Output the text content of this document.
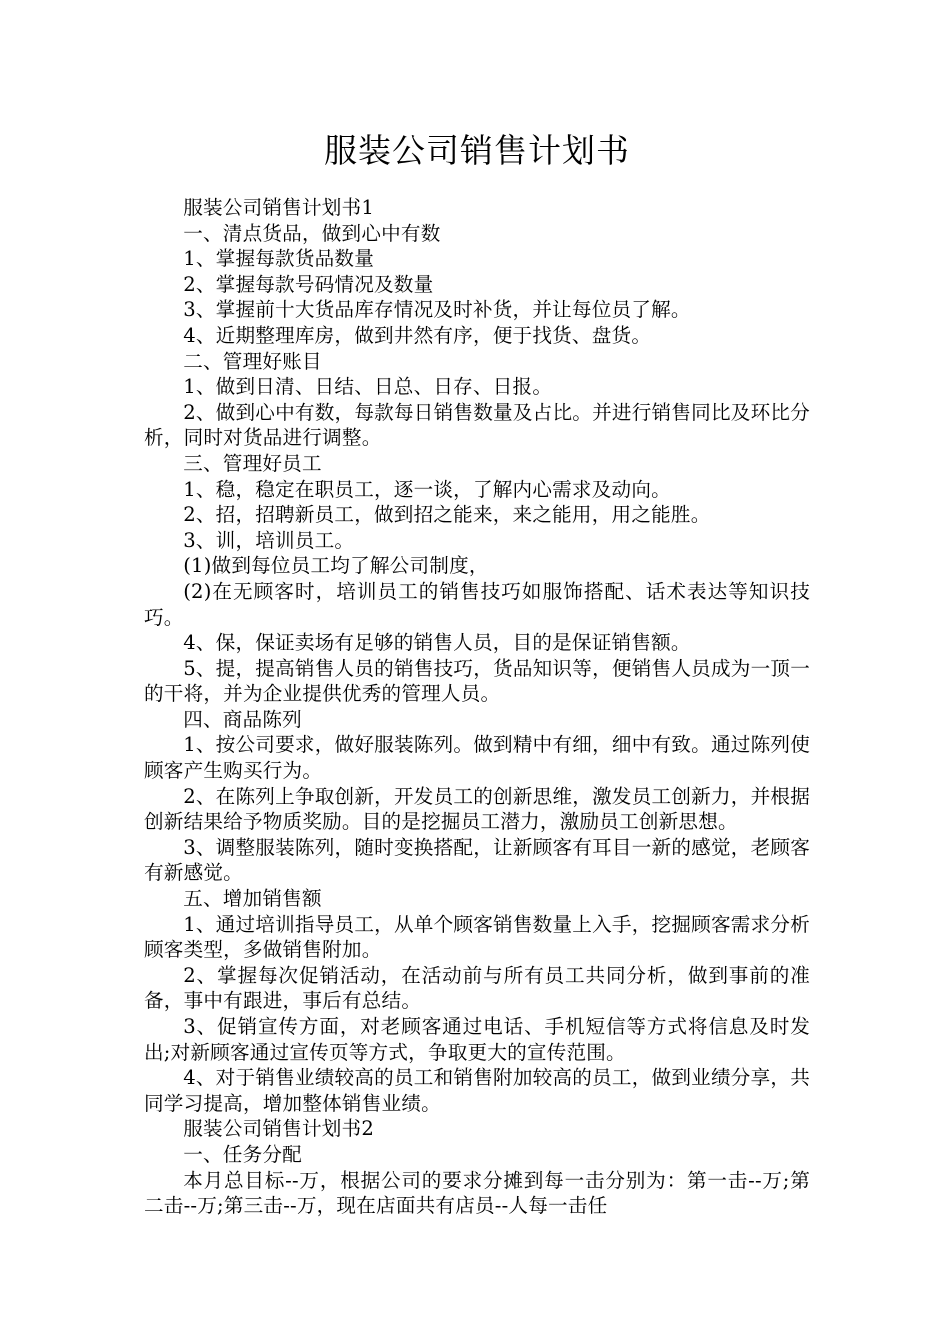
服装公司销售计划书

服装公司销售计划书1

一、清点货品，做到心中有数

1、掌握每款货品数量

2、掌握每款号码情况及数量

3、掌握前十大货品库存情况及时补货，并让每位员了解。

4、近期整理库房，做到井然有序，便于找货、盘货。

二、管理好账目

1、做到日清、日结、日总、日存、日报。

2、做到心中有数，每款每日销售数量及占比。并进行销售同比及环比分析，同时对货品进行调整。

三、管理好员工

1、稳，稳定在职员工，逐一谈，了解内心需求及动向。

2、招，招聘新员工，做到招之能来，来之能用，用之能胜。

3、训，培训员工。

(1)做到每位员工均了解公司制度，

(2)在无顾客时，培训员工的销售技巧如服饰搭配、话术表达等知识技巧。

4、保，保证卖场有足够的销售人员，目的是保证销售额。

5、提，提高销售人员的销售技巧，货品知识等，便销售人员成为一顶一的干将，并为企业提供优秀的管理人员。

四、商品陈列

1、按公司要求，做好服装陈列。做到精中有细，细中有致。通过陈列使顾客产生购买行为。

2、在陈列上争取创新，开发员工的创新思维，激发员工创新力，并根据创新结果给予物质奖励。目的是挖掘员工潜力，激励员工创新思想。

3、调整服装陈列，随时变换搭配，让新顾客有耳目一新的感觉，老顾客有新感觉。

五、增加销售额

1、通过培训指导员工，从单个顾客销售数量上入手，挖掘顾客需求分析顾客类型，多做销售附加。

2、掌握每次促销活动，在活动前与所有员工共同分析，做到事前的准备，事中有跟进，事后有总结。

3、促销宣传方面，对老顾客通过电话、手机短信等方式将信息及时发出;对新顾客通过宣传页等方式，争取更大的宣传范围。

4、对于销售业绩较高的员工和销售附加较高的员工，做到业绩分享，共同学习提高，增加整体销售业绩。

服装公司销售计划书2

一、任务分配

本月总目标--万，根据公司的要求分摊到每一击分别为：第一击--万;第二击--万;第三击--万，现在店面共有店员--人每一击任
